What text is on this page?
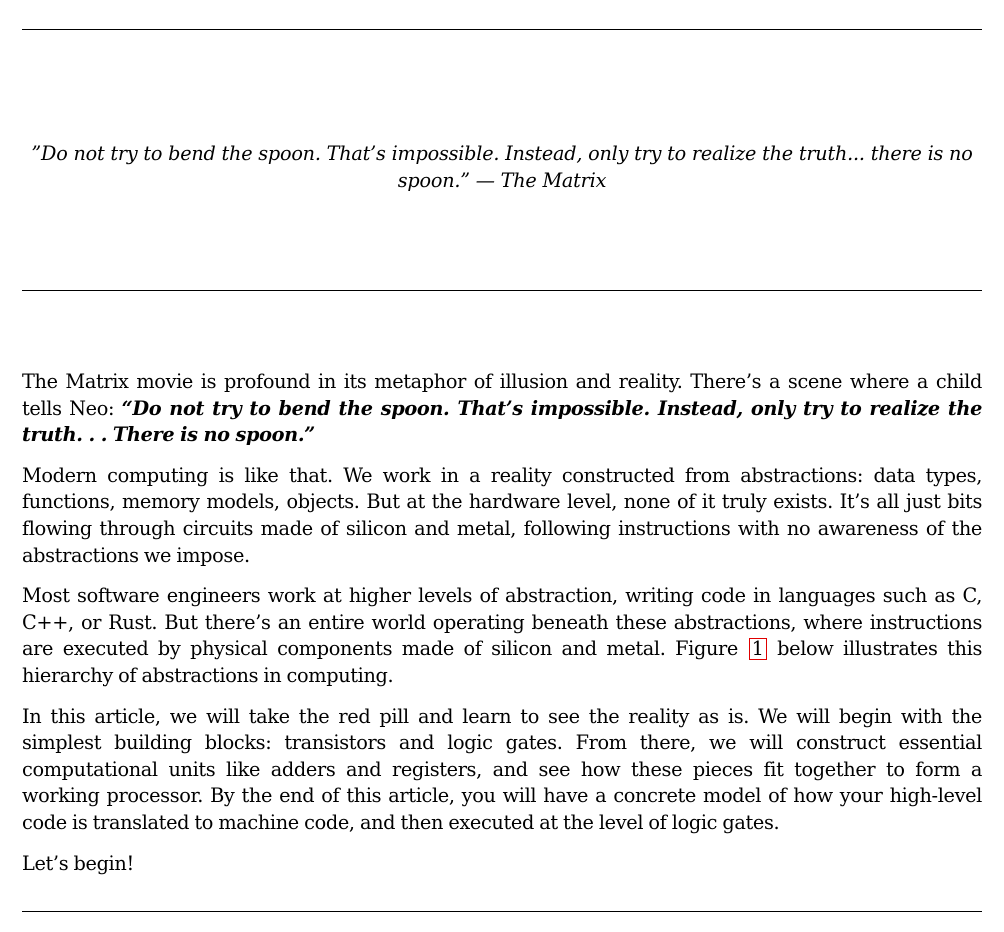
”Do not try to bend the spoon. That’s impossible. Instead, only try to realize the truth... there is no spoon.” — The Matrix

The Matrix movie is profound in its metaphor of illusion and reality. There’s a scene where a child tells Neo: “Do not try to bend the spoon. That’s impossible. Instead, only try to realize the truth. . . There is no spoon.”

Modern computing is like that. We work in a reality constructed from abstractions: data types, functions, memory models, objects. But at the hardware level, none of it truly exists. It’s all just bits flowing through circuits made of silicon and metal, following instructions with no awareness of the abstractions we impose.

Most software engineers work at higher levels of abstraction, writing code in languages such as C, C++, or Rust. But there’s an entire world operating beneath these abstractions, where instructions are executed by physical components made of silicon and metal. Figure 1 below illustrates this hierarchy of abstractions in computing.

In this article, we will take the red pill and learn to see the reality as is. We will begin with the simplest building blocks: transistors and logic gates. From there, we will construct essential computational units like adders and registers, and see how these pieces fit together to form a working processor. By the end of this article, you will have a concrete model of how your high-level code is translated to machine code, and then executed at the level of logic gates.

Let’s begin!
